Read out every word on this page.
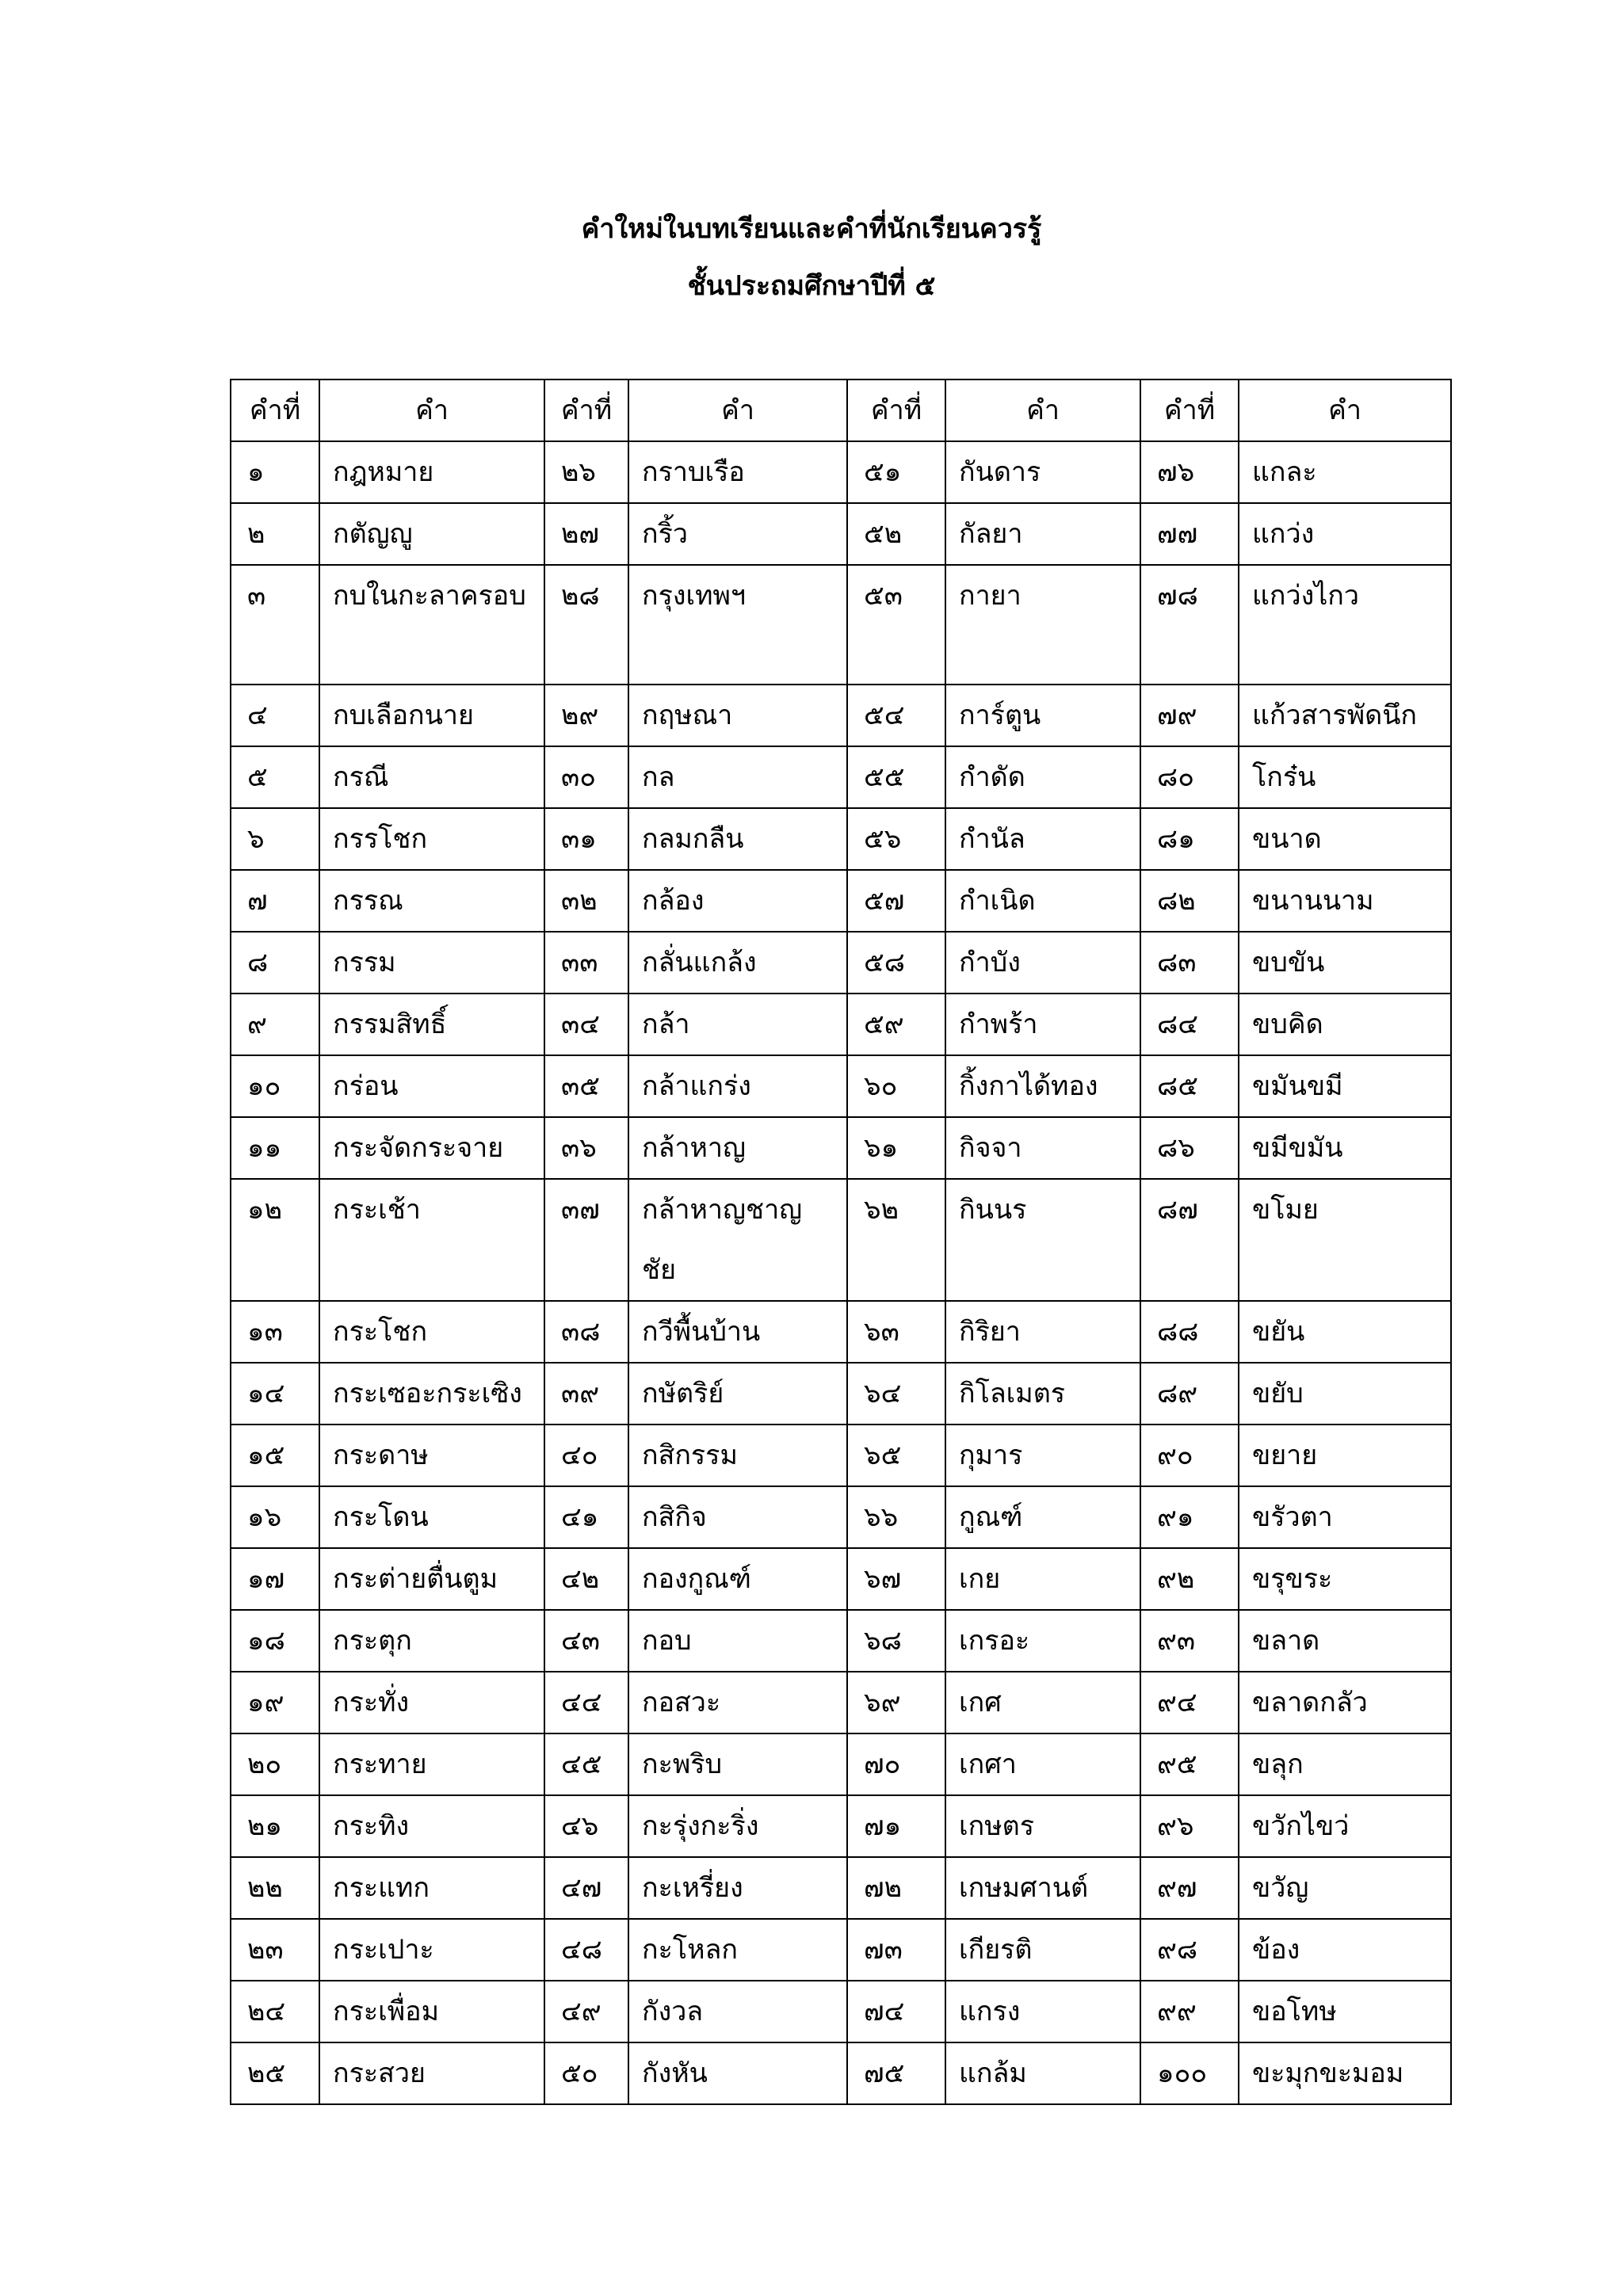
คำใหม่ในบทเรียนและคำที่นักเรียนควรรู้
ชั้นประถมศึกษาปีที่ ๕
คำที่	คำ	คำที่	คำ	คำที่	คำ	คำที่	คำ
๑	กฎหมาย	๒๖	กราบเรือ	๕๑	กันดาร	๗๖	แกละ
๒	กตัญญู	๒๗	กริ้ว	๕๒	กัลยา	๗๗	แกว่ง
๓	กบในกะลาครอบ	๒๘	กรุงเทพฯ	๕๓	กายา	๗๘	แกว่งไกว
๔	กบเลือกนาย	๒๙	กฤษณา	๕๔	การ์ตูน	๗๙	แก้วสารพัดนึก
๕	กรณี	๓๐	กล	๕๕	กำดัด	๘๐	โกร๋น
๖	กรรโชก	๓๑	กลมกลืน	๕๖	กำนัล	๘๑	ขนาด
๗	กรรณ	๓๒	กล้อง	๕๗	กำเนิด	๘๒	ขนานนาม
๘	กรรม	๓๓	กลั่นแกล้ง	๕๘	กำบัง	๘๓	ขบขัน
๙	กรรมสิทธิ์	๓๔	กล้า	๕๙	กำพร้า	๘๔	ขบคิด
๑๐	กร่อน	๓๕	กล้าแกร่ง	๖๐	กิ้งกาได้ทอง	๘๕	ขมันขมี
๑๑	กระจัดกระจาย	๓๖	กล้าหาญ	๖๑	กิจจา	๘๖	ขมีขมัน
๑๒	กระเช้า	๓๗	กล้าหาญชาญชัย	๖๒	กินนร	๘๗	ขโมย
๑๓	กระโชก	๓๘	กวีพื้นบ้าน	๖๓	กิริยา	๘๘	ขยัน
๑๔	กระเซอะกระเซิง	๓๙	กษัตริย์	๖๔	กิโลเมตร	๘๙	ขยับ
๑๕	กระดาษ	๔๐	กสิกรรม	๖๕	กุมาร	๙๐	ขยาย
๑๖	กระโดน	๔๑	กสิกิจ	๖๖	กูณฑ์	๙๑	ขรัวตา
๑๗	กระต่ายตื่นตูม	๔๒	กองกูณฑ์	๖๗	เกย	๙๒	ขรุขระ
๑๘	กระตุก	๔๓	กอบ	๖๘	เกรอะ	๙๓	ขลาด
๑๙	กระทั่ง	๔๔	กอสวะ	๖๙	เกศ	๙๔	ขลาดกลัว
๒๐	กระทาย	๔๕	กะพริบ	๗๐	เกศา	๙๕	ขลุก
๒๑	กระทิง	๔๖	กะรุ่งกะริ่ง	๗๑	เกษตร	๙๖	ขวักไขว่
๒๒	กระแทก	๔๗	กะเหรี่ยง	๗๒	เกษมศานต์	๙๗	ขวัญ
๒๓	กระเปาะ	๔๘	กะโหลก	๗๓	เกียรติ	๙๘	ข้อง
๒๔	กระเพื่อม	๔๙	กังวล	๗๔	แกรง	๙๙	ขอโทษ
๒๕	กระสวย	๕๐	กังหัน	๗๕	แกล้ม	๑๐๐	ขะมุกขะมอม
